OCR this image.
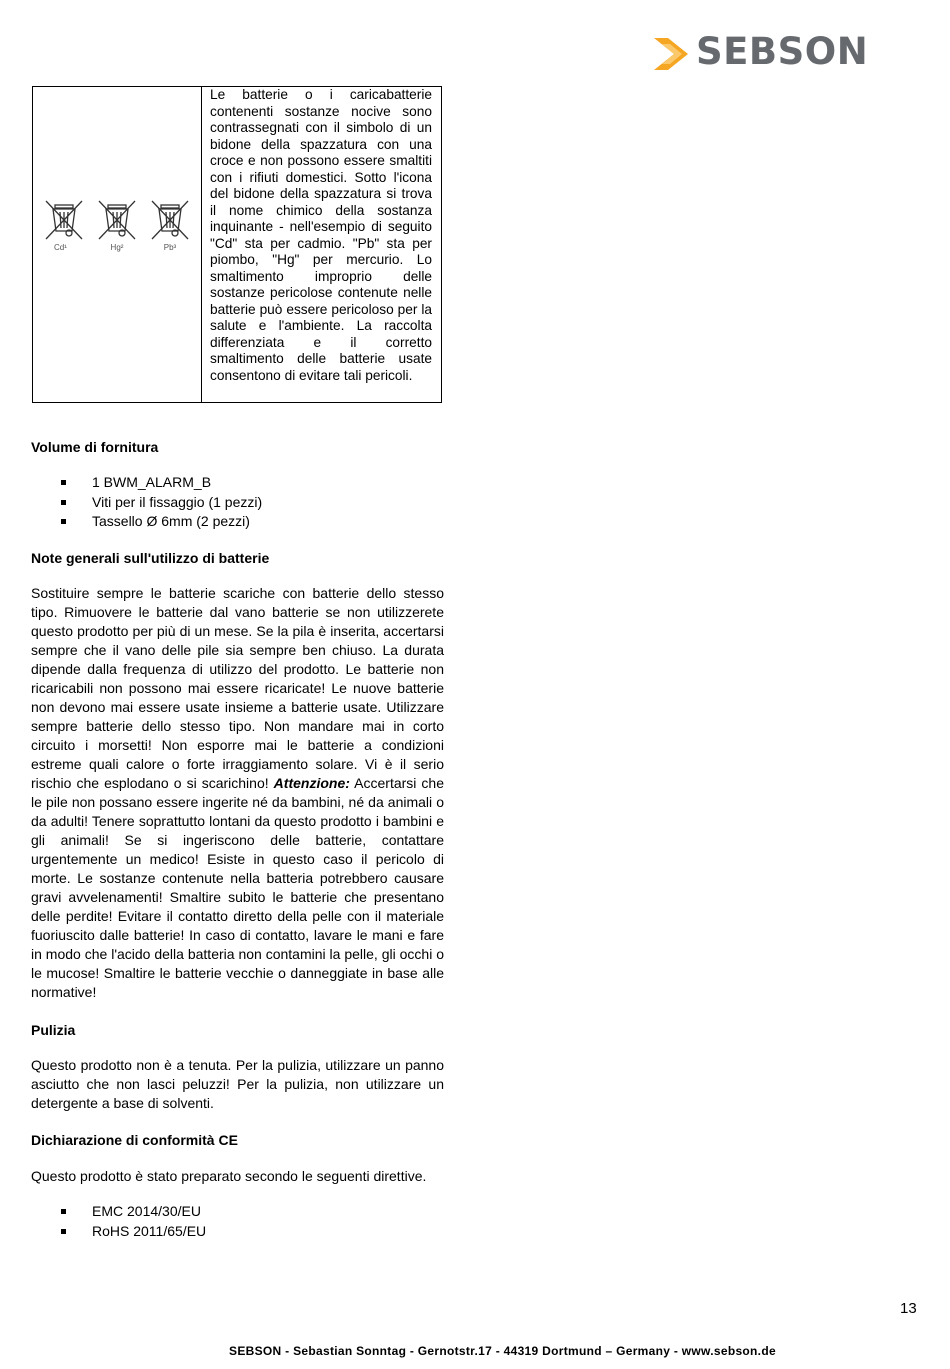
SEBSON
Cd¹	Hg²	Pb³
Le batterie o i caricabatterie contenenti sostanze nocive sono contrassegnati con il simbolo di un bidone della spazzatura con una croce e non possono essere smaltiti con i rifiuti domestici. Sotto l'icona del bidone della spazzatura si trova il nome chimico della sostanza inquinante - nell'esempio di seguito "Cd" sta per cadmio. "Pb" sta per piombo, "Hg" per mercurio. Lo smaltimento improprio delle sostanze pericolose contenute nelle batterie può essere pericoloso per la salute e l'ambiente. La raccolta differenziata e il corretto smaltimento delle batterie usate consentono di evitare tali pericoli.
Volume di fornitura
1 BWM_ALARM_B
Viti per il fissaggio (1 pezzi)
Tassello Ø 6mm (2 pezzi)
Note generali sull'utilizzo di batterie

Sostituire sempre le batterie scariche con batterie dello stesso tipo. Rimuovere le batterie dal vano batterie se non utilizzerete questo prodotto per più di un mese. Se la pila è inserita, accertarsi sempre che il vano delle pile sia sempre ben chiuso. La durata dipende dalla frequenza di utilizzo del prodotto. Le batterie non ricaricabili non possono mai essere ricaricate! Le nuove batterie non devono mai essere usate insieme a batterie usate. Utilizzare sempre batterie dello stesso tipo. Non mandare mai in corto circuito i morsetti! Non esporre mai le batterie a condizioni estreme quali calore o forte irraggiamento solare. Vi è il serio rischio che esplodano o si scarichino! Attenzione: Accertarsi che le pile non possano essere ingerite né da bambini, né da animali o da adulti! Tenere soprattutto lontani da questo prodotto i bambini e gli animali! Se si ingeriscono delle batterie, contattare urgentemente un medico! Esiste in questo caso il pericolo di morte. Le sostanze contenute nella batteria potrebbero causare gravi avvelenamenti! Smaltire subito le batterie che presentano delle perdite! Evitare il contatto diretto della pelle con il materiale fuoriuscito dalle batterie! In caso di contatto, lavare le mani e fare in modo che l'acido della batteria non contamini la pelle, gli occhi o le mucose! Smaltire le batterie vecchie o danneggiate in base alle normative!

Pulizia

Questo prodotto non è a tenuta. Per la pulizia, utilizzare un panno asciutto che non lasci peluzzi! Per la pulizia, non utilizzare un detergente a base di solventi.

Dichiarazione di conformità CE

Questo prodotto è stato preparato secondo le seguenti direttive.

EMC 2014/30/EU
RoHS 2011/65/EU
13
SEBSON - Sebastian Sonntag - Gernotstr.17 - 44319 Dortmund – Germany - www.sebson.de
